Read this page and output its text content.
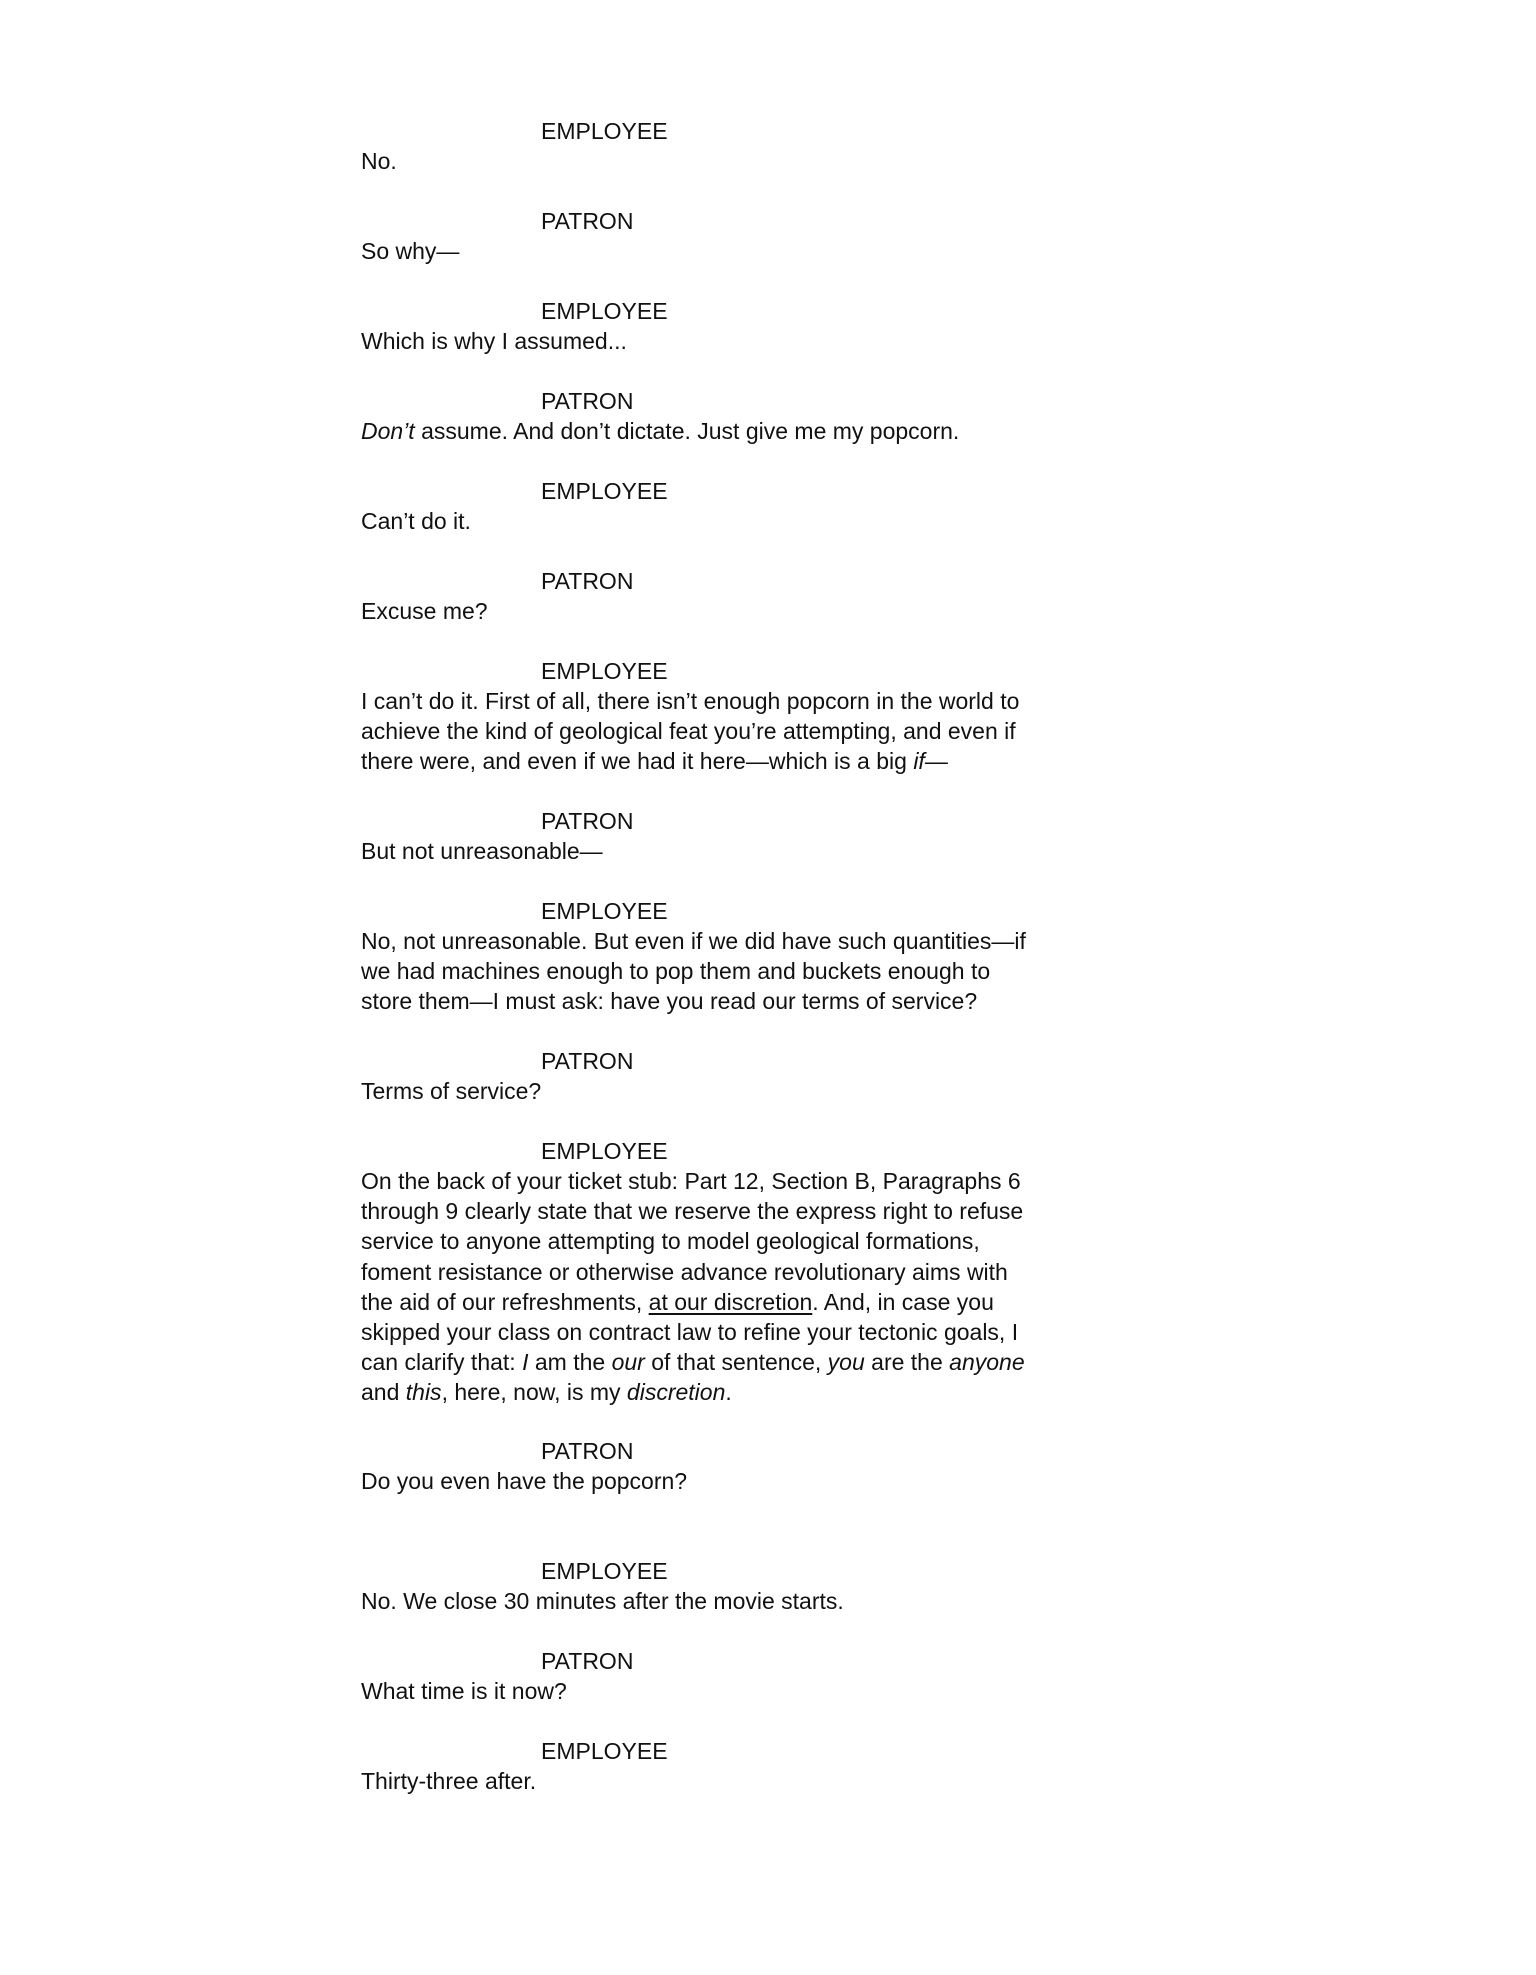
EMPLOYEE

No.

PATRON

So why—

EMPLOYEE

Which is why I assumed...

PATRON

Don’t assume. And don’t dictate. Just give me my popcorn.

EMPLOYEE

Can’t do it.

PATRON

Excuse me?

EMPLOYEE

I can’t do it. First of all, there isn’t enough popcorn in the world to

achieve the kind of geological feat you’re attempting, and even if

there were, and even if we had it here—which is a big if—

PATRON

But not unreasonable—

EMPLOYEE

No, not unreasonable. But even if we did have such quantities—if

we had machines enough to pop them and buckets enough to

store them—I must ask: have you read our terms of service?

PATRON

Terms of service?

EMPLOYEE

On the back of your ticket stub: Part 12, Section B, Paragraphs 6

through 9 clearly state that we reserve the express right to refuse

service to anyone attempting to model geological formations,

foment resistance or otherwise advance revolutionary aims with

the aid of our refreshments, at our discretion. And, in case you

skipped your class on contract law to refine your tectonic goals, I

can clarify that: I am the our of that sentence, you are the anyone

and this, here, now, is my discretion.

PATRON

Do you even have the popcorn?

EMPLOYEE

No. We close 30 minutes after the movie starts.

PATRON

What time is it now?

EMPLOYEE

Thirty-three after.
